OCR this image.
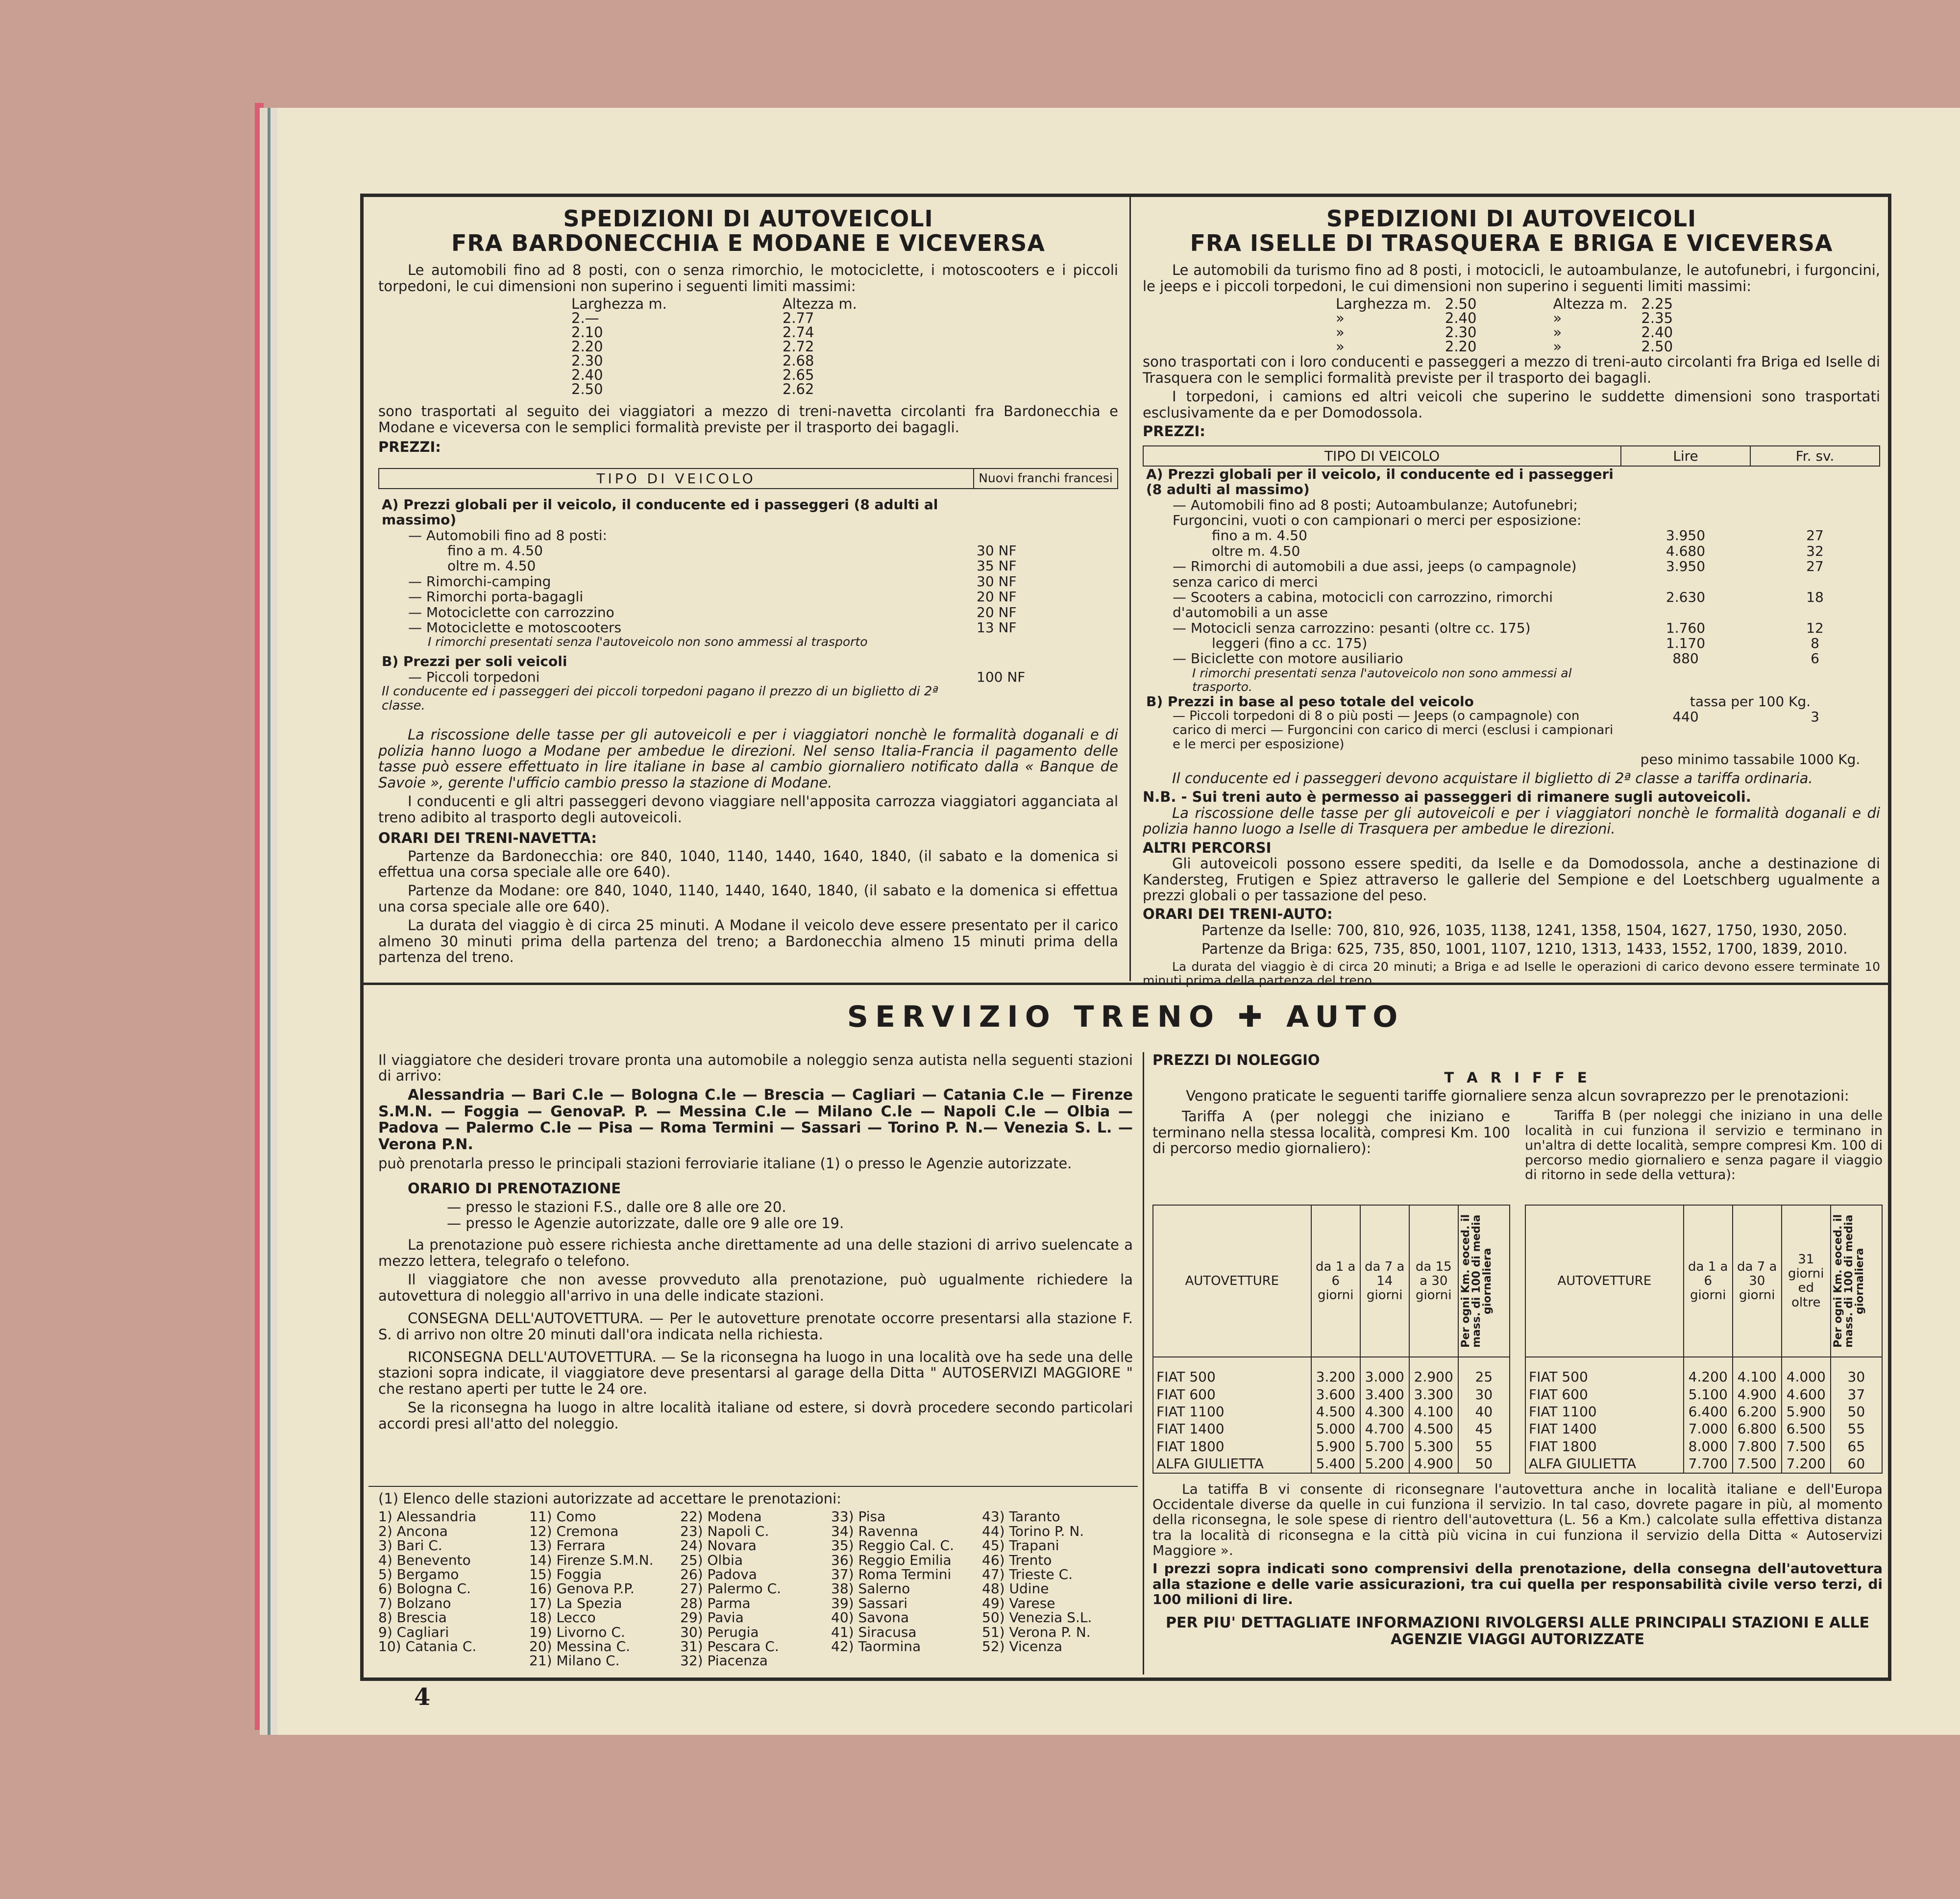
SPEDIZIONI DI AUTOVEICOLI
FRA BARDONECCHIA E MODANE E VICEVERSA

Le automobili fino ad 8 posti, con o senza rimorchio, le motociclette, i motoscooters e i piccoli torpedoni, le cui dimensioni non superino i seguenti limiti massimi:

Larghezza m.		Altezza m.
2.—		2.77
2.10		2.74
2.20		2.72
2.30		2.68
2.40		2.65
2.50		2.62

sono trasportati al seguito dei viaggiatori a mezzo di treni-navetta circolanti fra Bardonecchia e Modane e viceversa con le semplici formalità previste per il trasporto dei bagagli.

PREZZI:
TIPO DI VEICOLO	Nuovi franchi francesi
A) Prezzi globali per il veicolo, il conducente ed i passeggeri (8 adulti al massimo)	
— Automobili fino ad 8 posti:	
fino a m. 4.50	30 NF
oltre m. 4.50	35 NF
— Rimorchi-camping	30 NF
— Rimorchi porta-bagagli	20 NF
— Motociclette con carrozzino	20 NF
— Motociclette e motoscooters	13 NF
I rimorchi presentati senza l'autoveicolo non sono ammessi al trasporto	
B) Prezzi per soli veicoli	
— Piccoli torpedoni	100 NF
Il conducente ed i passeggeri dei piccoli torpedoni pagano il prezzo di un biglietto di 2ª classe.	

La riscossione delle tasse per gli autoveicoli e per i viaggiatori nonchè le formalità doganali e di polizia hanno luogo a Modane per ambedue le direzioni. Nel senso Italia-Francia il pagamento delle tasse può essere effettuato in lire italiane in base al cambio giornaliero notificato dalla « Banque de Savoie », gerente l'ufficio cambio presso la stazione di Modane.

I conducenti e gli altri passeggeri devono viaggiare nell'apposita carrozza viaggiatori agganciata al treno adibito al trasporto degli autoveicoli.

ORARI DEI TRENI-NAVETTA:

Partenze da Bardonecchia: ore 840, 1040, 1140, 1440, 1640, 1840, (il sabato e la domenica si effettua una corsa speciale alle ore 640).

Partenze da Modane: ore 840, 1040, 1140, 1440, 1640, 1840, (il sabato e la domenica si effettua una corsa speciale alle ore 640).

La durata del viaggio è di circa 25 minuti. A Modane il veicolo deve essere presentato per il carico almeno 30 minuti prima della partenza del treno; a Bardonecchia almeno 15 minuti prima della partenza del treno.

SPEDIZIONI DI AUTOVEICOLI
FRA ISELLE DI TRASQUERA E BRIGA E VICEVERSA

Le automobili da turismo fino ad 8 posti, i motocicli, le autoambulanze, le autofunebri, i furgoncini, le jeeps e i piccoli torpedoni, le cui dimensioni non superino i seguenti limiti massimi:

Larghezza m.	2.50		Altezza m.	2.25
»	2.40		»	2.35
»	2.30		»	2.40
»	2.20		»	2.50

sono trasportati con i loro conducenti e passeggeri a mezzo di treni-auto circolanti fra Briga ed Iselle di Trasquera con le semplici formalità previste per il trasporto dei bagagli.

I torpedoni, i camions ed altri veicoli che superino le suddette dimensioni sono trasportati esclusivamente da e per Domodossola.

PREZZI:
TIPO DI VEICOLO	Lire	Fr. sv.
A) Prezzi globali per il veicolo, il conducente ed i passeggeri (8 adulti al massimo)		
— Automobili fino ad 8 posti; Autoambulanze; Autofunebri; Furgoncini, vuoti o con campionari o merci per esposizione:		
fino a m. 4.50	3.950	27
oltre m. 4.50	4.680	32
— Rimorchi di automobili a due assi, jeeps (o campagnole) senza carico di merci	3.950	27
— Scooters a cabina, motocicli con carrozzino, rimorchi d'automobili a un asse	2.630	18
— Motocicli senza carrozzino: pesanti (oltre cc. 175)	1.760	12
leggeri (fino a cc. 175)	1.170	8
— Biciclette con motore ausiliario	880	6
I rimorchi presentati senza l'autoveicolo non sono ammessi al trasporto.		
B) Prezzi in base al peso totale del veicolo	tassa per 100 Kg.	
— Piccoli torpedoni di 8 o più posti — Jeeps (o campagnole) con carico di merci — Furgoncini con carico di merci (esclusi i campionari e le merci per esposizione)	440	3
	peso minimo tassabile 1000 Kg.	

Il conducente ed i passeggeri devono acquistare il biglietto di 2ª classe a tariffa ordinaria.

N.B. - Sui treni auto è permesso ai passeggeri di rimanere sugli autoveicoli.

La riscossione delle tasse per gli autoveicoli e per i viaggiatori nonchè le formalità doganali e di polizia hanno luogo a Iselle di Trasquera per ambedue le direzioni.

ALTRI PERCORSI

Gli autoveicoli possono essere spediti, da Iselle e da Domodossola, anche a destinazione di Kandersteg, Frutigen e Spiez attraverso le gallerie del Sempione e del Loetschberg ugualmente a prezzi globali o per tassazione del peso.

ORARI DEI TRENI-AUTO:

Partenze da Iselle: 700, 810, 926, 1035, 1138, 1241, 1358, 1504, 1627, 1750, 1930, 2050.

Partenze da Briga: 625, 735, 850, 1001, 1107, 1210, 1313, 1433, 1552, 1700, 1839, 2010.

La durata del viaggio è di circa 20 minuti; a Briga e ad Iselle le operazioni di carico devono essere terminate 10 minuti prima della partenza del treno.

SERVIZIO TRENO ✚ AUTO

Il viaggiatore che desideri trovare pronta una automobile a noleggio senza autista nella seguenti stazioni di arrivo:

Alessandria — Bari C.le — Bologna C.le — Brescia — Cagliari — Catania C.le — Firenze S.M.N. — Foggia — GenovaP. P. — Messina C.le — Milano C.le — Napoli C.le — Olbia — Padova — Palermo C.le — Pisa — Roma Termini — Sassari — Torino P. N.— Venezia S. L. — Verona P.N.

può prenotarla presso le principali stazioni ferroviarie italiane (1) o presso le Agenzie autorizzate.

ORARIO DI PRENOTAZIONE
— presso le stazioni F.S., dalle ore 8 alle ore 20.
— presso le Agenzie autorizzate, dalle ore 9 alle ore 19.

La prenotazione può essere richiesta anche direttamente ad una delle stazioni di arrivo suelencate a mezzo lettera, telegrafo o telefono.

Il viaggiatore che non avesse provveduto alla prenotazione, può ugualmente richiedere la autovettura di noleggio all'arrivo in una delle indicate stazioni.

CONSEGNA DELL'AUTOVETTURA. — Per le autovetture prenotate occorre presentarsi alla stazione F. S. di arrivo non oltre 20 minuti dall'ora indicata nella richiesta.

RICONSEGNA DELL'AUTOVETTURA. — Se la riconsegna ha luogo in una località ove ha sede una delle stazioni sopra indicate, il viaggiatore deve presentarsi al garage della Ditta " AUTOSERVIZI MAGGIORE " che restano aperti per tutte le 24 ore.

Se la riconsegna ha luogo in altre località italiane od estere, si dovrà procedere secondo particolari accordi presi all'atto del noleggio.

(1) Elenco delle stazioni autorizzate ad accettare le prenotazioni:
1) Alessandria
2) Ancona
3) Bari C.
4) Benevento
5) Bergamo
6) Bologna C.
7) Bolzano
8) Brescia
9) Cagliari
10) Catania C.
11) Como
12) Cremona
13) Ferrara
14) Firenze S.M.N.
15) Foggia
16) Genova P.P.
17) La Spezia
18) Lecco
19) Livorno C.
20) Messina C.
21) Milano C.
22) Modena
23) Napoli C.
24) Novara
25) Olbia
26) Padova
27) Palermo C.
28) Parma
29) Pavia
30) Perugia
31) Pescara C.
32) Piacenza
33) Pisa
34) Ravenna
35) Reggio Cal. C.
36) Reggio Emilia
37) Roma Termini
38) Salerno
39) Sassari
40) Savona
41) Siracusa
42) Taormina
43) Taranto
44) Torino P. N.
45) Trapani
46) Trento
47) Trieste C.
48) Udine
49) Varese
50) Venezia S.L.
51) Verona P. N.
52) Vicenza
PREZZI DI NOLEGGIO
T A R I F F E
Vengono praticate le seguenti tariffe giornaliere senza alcun sovraprezzo per le prenotazioni:

Tariffa A (per noleggi che iniziano e terminano nella stessa località, compresi Km. 100 di percorso medio giornaliero):

AUTOVETTURE	da 1 a 6 giorni	da 7 a 14 giorni	da 15 a 30 giorni	Per ogni Km. eoced. il mass. di 100 di media giornaliera

FIAT 500	3.200	3.000	2.900	25
FIAT 600	3.600	3.400	3.300	30
FIAT 1100	4.500	4.300	4.100	40
FIAT 1400	5.000	4.700	4.500	45
FIAT 1800	5.900	5.700	5.300	55
ALFA GIULIETTA	5.400	5.200	4.900	50

Tariffa B (per noleggi che iniziano in una delle località in cui funziona il servizio e terminano in un'altra di dette località, sempre compresi Km. 100 di percorso medio giornaliero e senza pagare il viaggio di ritorno in sede della vettura):

AUTOVETTURE	da 1 a 6 giorni	da 7 a 30 giorni	31 giorni ed oltre	Per ogni Km. eoced. il mass. di 100 di media giornaliera

FIAT 500	4.200	4.100	4.000	30
FIAT 600	5.100	4.900	4.600	37
FIAT 1100	6.400	6.200	5.900	50
FIAT 1400	7.000	6.800	6.500	55
FIAT 1800	8.000	7.800	7.500	65
ALFA GIULIETTA	7.700	7.500	7.200	60

La tatiffa B vi consente di riconsegnare l'autovettura anche in località italiane e dell'Europa Occidentale diverse da quelle in cui funziona il servizio. In tal caso, dovrete pagare in più, al momento della riconsegna, le sole spese di rientro dell'autovettura (L. 56 a Km.) calcolate sulla effettiva distanza tra la località di riconsegna e la città più vicina in cui funziona il servizio della Ditta « Autoservizi Maggiore ».

I prezzi sopra indicati sono comprensivi della prenotazione, della consegna dell'autovettura alla stazione e delle varie assicurazioni, tra cui quella per responsabilità civile verso terzi, di 100 milioni di lire.

PER PIU' DETTAGLIATE INFORMAZIONI RIVOLGERSI ALLE PRINCIPALI STAZIONI E ALLE AGENZIE VIAGGI AUTORIZZATE

4
